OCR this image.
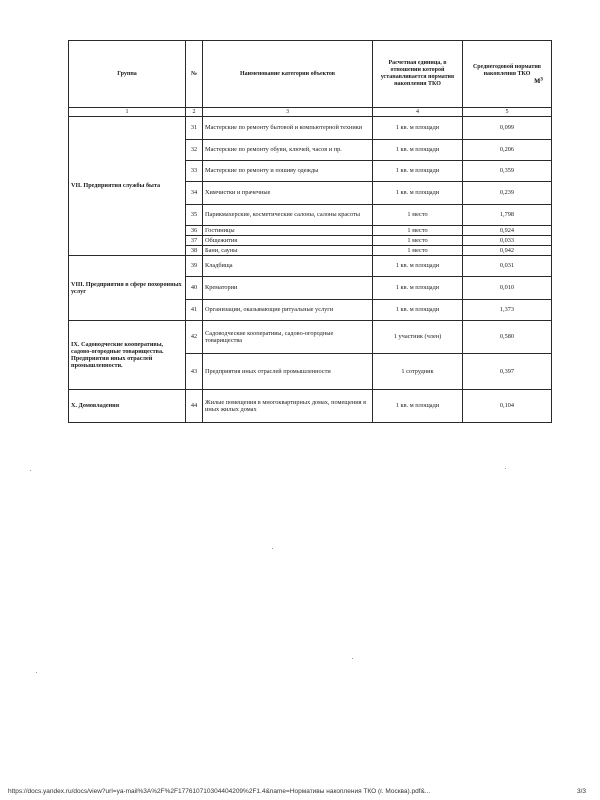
Группа	№	Наименование категории объектов	Расчетная единица, в отношении которой устанавливается норматив накопления ТКО	Среднегодовой норматив накопления ТКО
м³

1	2	3	4	5
VII. Предприятия службы быта	31	Мастерские по ремонту бытовой и компьютерной техники	1 кв. м площади	0,099
	32	Мастерские по ремонту обуви, ключей, часов и пр.	1 кв. м площади	0,206
	33	Мастерские по ремонту и пошиву одежды	1 кв. м площади	0,359
	34	Химчистки и прачечные	1 кв. м площади	0,239
	35	Парикмахерские, косметические салоны, салоны красоты	1 место	1,798
	36	Гостиницы	1 место	0,924
	37	Общежития	1 место	0,033
	38	Бани, сауны	1 место	0,942
VIII. Предприятия в сфере похоронных услуг	39	Кладбища	1 кв. м площади	0,031
	40	Крематории	1 кв. м площади	0,010
	41	Организации, оказывающие ритуальные услуги	1 кв. м площади	1,373
IX. Садоводческие кооперативы, садово-огородные товарищества. Предприятия иных отраслей промышленности.	42	Садоводческие кооперативы, садово-огородные товарищества	1 участник (член)	0,580
	43	Предприятия иных отраслей промышленности	1 сотрудник	0,397
X. Домовладения	44	Жилые помещения в многоквартирных домах, помещения в иных жилых домах	1 кв. м площади	0,104
https://docs.yandex.ru/docs/view?url=ya-mail%3A%2F%2F177610710304404209%2F1.4&name=Нормативы накопления ТКО (г. Москва).pdf&...	3/3
